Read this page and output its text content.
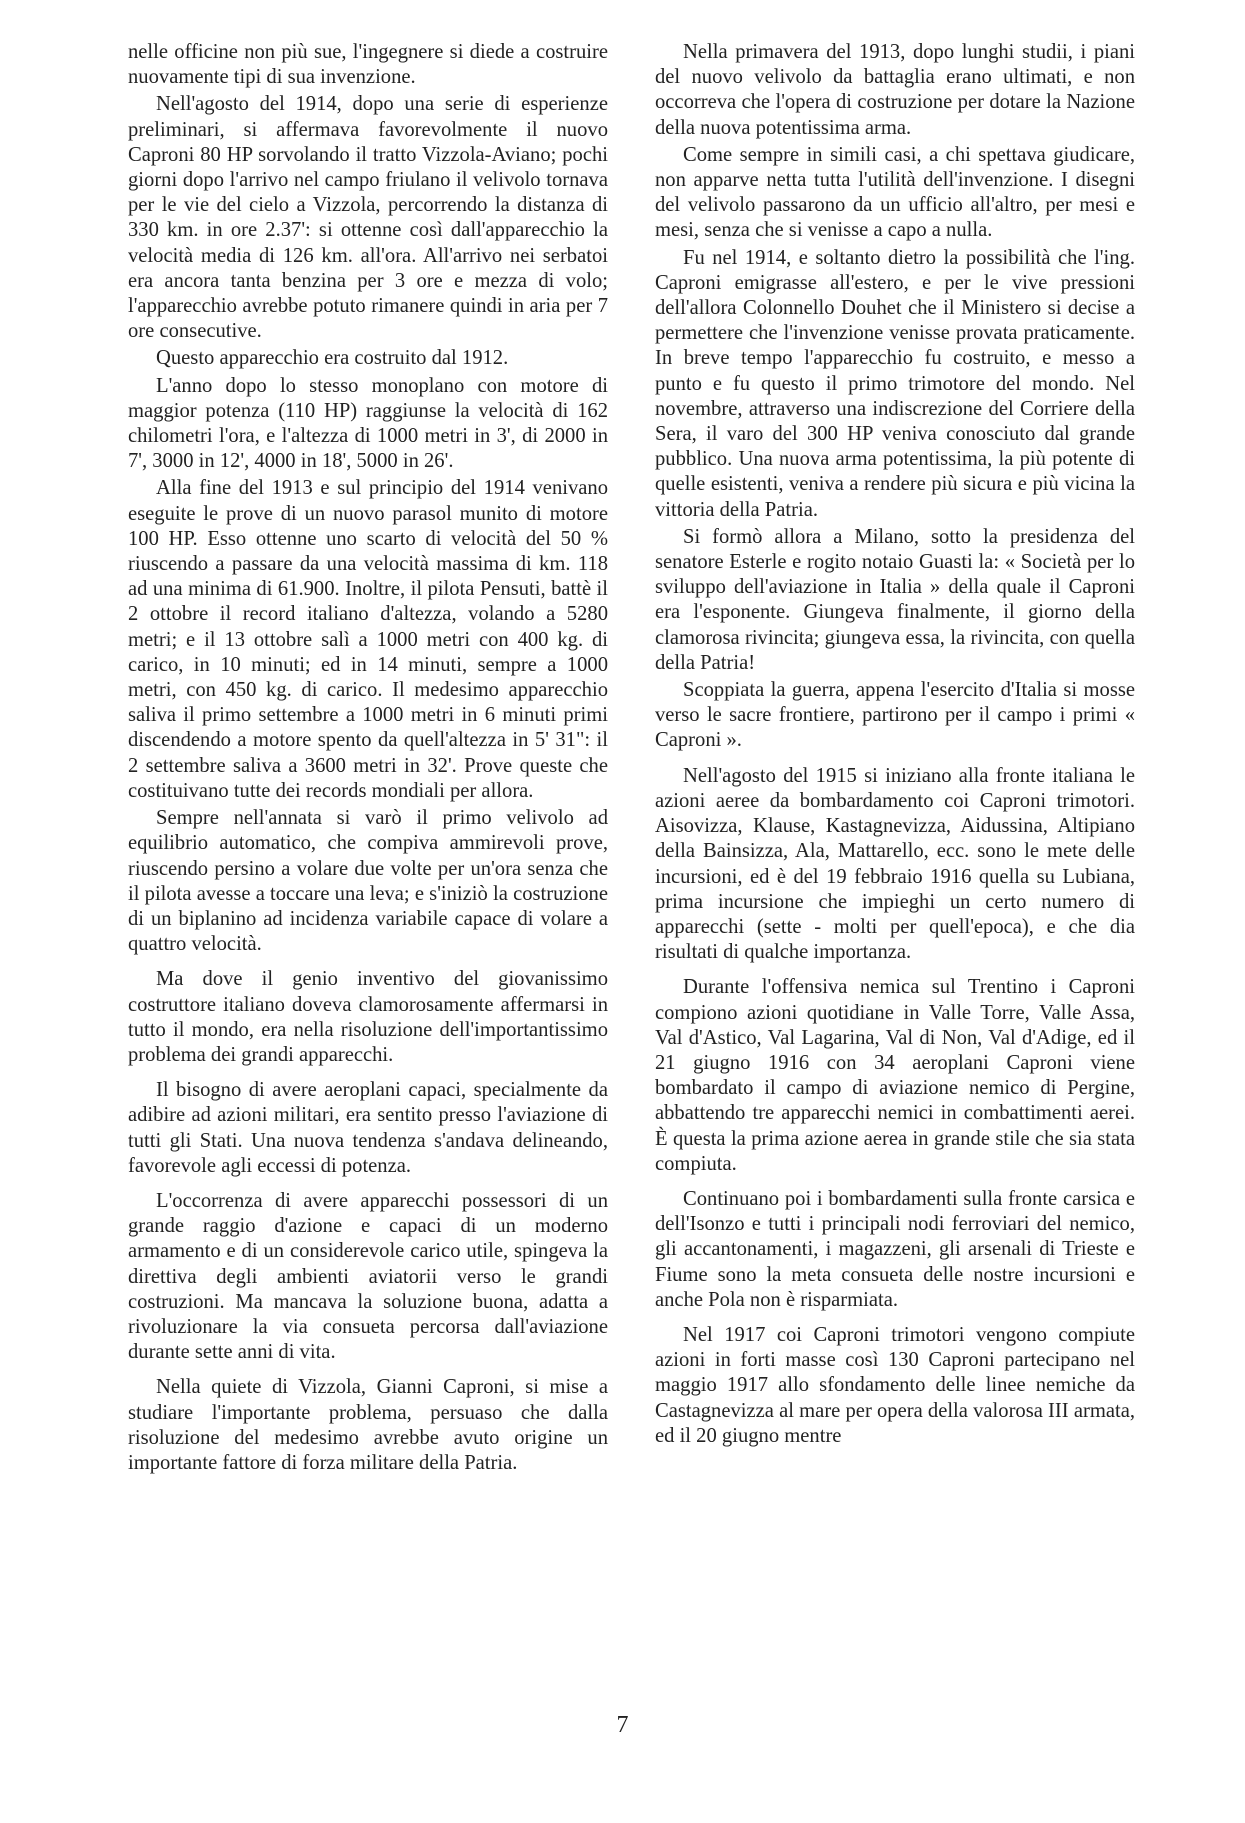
nelle officine non più sue, l'ingegnere si diede a costruire nuovamente tipi di sua invenzione.

Nell'agosto del 1914, dopo una serie di esperienze preliminari, si affermava favorevolmente il nuovo Caproni 80 HP sorvolando il tratto Vizzola-Aviano; pochi giorni dopo l'arrivo nel campo friulano il velivolo tornava per le vie del cielo a Vizzola, percorrendo la distanza di 330 km. in ore 2.37': si ottenne così dall'apparecchio la velocità media di 126 km. all'ora. All'arrivo nei serbatoi era ancora tanta benzina per 3 ore e mezza di volo; l'apparecchio avrebbe potuto rimanere quindi in aria per 7 ore consecutive.

Questo apparecchio era costruito dal 1912.

L'anno dopo lo stesso monoplano con motore di maggior potenza (110 HP) raggiunse la velocità di 162 chilometri l'ora, e l'altezza di 1000 metri in 3', di 2000 in 7', 3000 in 12', 4000 in 18', 5000 in 26'.

Alla fine del 1913 e sul principio del 1914 venivano eseguite le prove di un nuovo parasol munito di motore 100 HP. Esso ottenne uno scarto di velocità del 50 % riuscendo a passare da una velocità massima di km. 118 ad una minima di 61.900. Inoltre, il pilota Pensuti, battè il 2 ottobre il record italiano d'altezza, volando a 5280 metri; e il 13 ottobre salì a 1000 metri con 400 kg. di carico, in 10 minuti; ed in 14 minuti, sempre a 1000 metri, con 450 kg. di carico. Il medesimo apparecchio saliva il primo settembre a 1000 metri in 6 minuti primi discendendo a motore spento da quell'altezza in 5' 31": il 2 settembre saliva a 3600 metri in 32'. Prove queste che costituivano tutte dei records mondiali per allora.

Sempre nell'annata si varò il primo velivolo ad equilibrio automatico, che compiva ammirevoli prove, riuscendo persino a volare due volte per un'ora senza che il pilota avesse a toccare una leva; e s'iniziò la costruzione di un biplanino ad incidenza variabile capace di volare a quattro velocità.

Ma dove il genio inventivo del giovanissimo costruttore italiano doveva clamorosamente affermarsi in tutto il mondo, era nella risoluzione dell'importantissimo problema dei grandi apparecchi.

Il bisogno di avere aeroplani capaci, specialmente da adibire ad azioni militari, era sentito presso l'aviazione di tutti gli Stati. Una nuova tendenza s'andava delineando, favorevole agli eccessi di potenza.

L'occorrenza di avere apparecchi possessori di un grande raggio d'azione e capaci di un moderno armamento e di un considerevole carico utile, spingeva la direttiva degli ambienti aviatorii verso le grandi costruzioni. Ma mancava la soluzione buona, adatta a rivoluzionare la via consueta percorsa dall'aviazione durante sette anni di vita.

Nella quiete di Vizzola, Gianni Caproni, si mise a studiare l'importante problema, persuaso che dalla risoluzione del medesimo avrebbe avuto origine un importante fattore di forza militare della Patria.

Nella primavera del 1913, dopo lunghi studii, i piani del nuovo velivolo da battaglia erano ultimati, e non occorreva che l'opera di costruzione per dotare la Nazione della nuova potentissima arma.

Come sempre in simili casi, a chi spettava giudicare, non apparve netta tutta l'utilità dell'invenzione. I disegni del velivolo passarono da un ufficio all'altro, per mesi e mesi, senza che si venisse a capo a nulla.

Fu nel 1914, e soltanto dietro la possibilità che l'ing. Caproni emigrasse all'estero, e per le vive pressioni dell'allora Colonnello Douhet che il Ministero si decise a permettere che l'invenzione venisse provata praticamente. In breve tempo l'apparecchio fu costruito, e messo a punto e fu questo il primo trimotore del mondo. Nel novembre, attraverso una indiscrezione del Corriere della Sera, il varo del 300 HP veniva conosciuto dal grande pubblico. Una nuova arma potentissima, la più potente di quelle esistenti, veniva a rendere più sicura e più vicina la vittoria della Patria.

Si formò allora a Milano, sotto la presidenza del senatore Esterle e rogito notaio Guasti la: « Società per lo sviluppo dell'aviazione in Italia » della quale il Caproni era l'esponente. Giungeva finalmente, il giorno della clamorosa rivincita; giungeva essa, la rivincita, con quella della Patria!

Scoppiata la guerra, appena l'esercito d'Italia si mosse verso le sacre frontiere, partirono per il campo i primi « Caproni ».

Nell'agosto del 1915 si iniziano alla fronte italiana le azioni aeree da bombardamento coi Caproni trimotori. Aisovizza, Klause, Kastagnevizza, Aidussina, Altipiano della Bainsizza, Ala, Mattarello, ecc. sono le mete delle incursioni, ed è del 19 febbraio 1916 quella su Lubiana, prima incursione che impieghi un certo numero di apparecchi (sette - molti per quell'epoca), e che dia risultati di qualche importanza.

Durante l'offensiva nemica sul Trentino i Caproni compiono azioni quotidiane in Valle Torre, Valle Assa, Val d'Astico, Val Lagarina, Val di Non, Val d'Adige, ed il 21 giugno 1916 con 34 aeroplani Caproni viene bombardato il campo di aviazione nemico di Pergine, abbattendo tre apparecchi nemici in combattimenti aerei. È questa la prima azione aerea in grande stile che sia stata compiuta.

Continuano poi i bombardamenti sulla fronte carsica e dell'Isonzo e tutti i principali nodi ferroviari del nemico, gli accantonamenti, i magazzeni, gli arsenali di Trieste e Fiume sono la meta consueta delle nostre incursioni e anche Pola non è risparmiata.

Nel 1917 coi Caproni trimotori vengono compiute azioni in forti masse così 130 Caproni partecipano nel maggio 1917 allo sfondamento delle linee nemiche da Castagnevizza al mare per opera della valorosa III armata, ed il 20 giugno mentre

7
